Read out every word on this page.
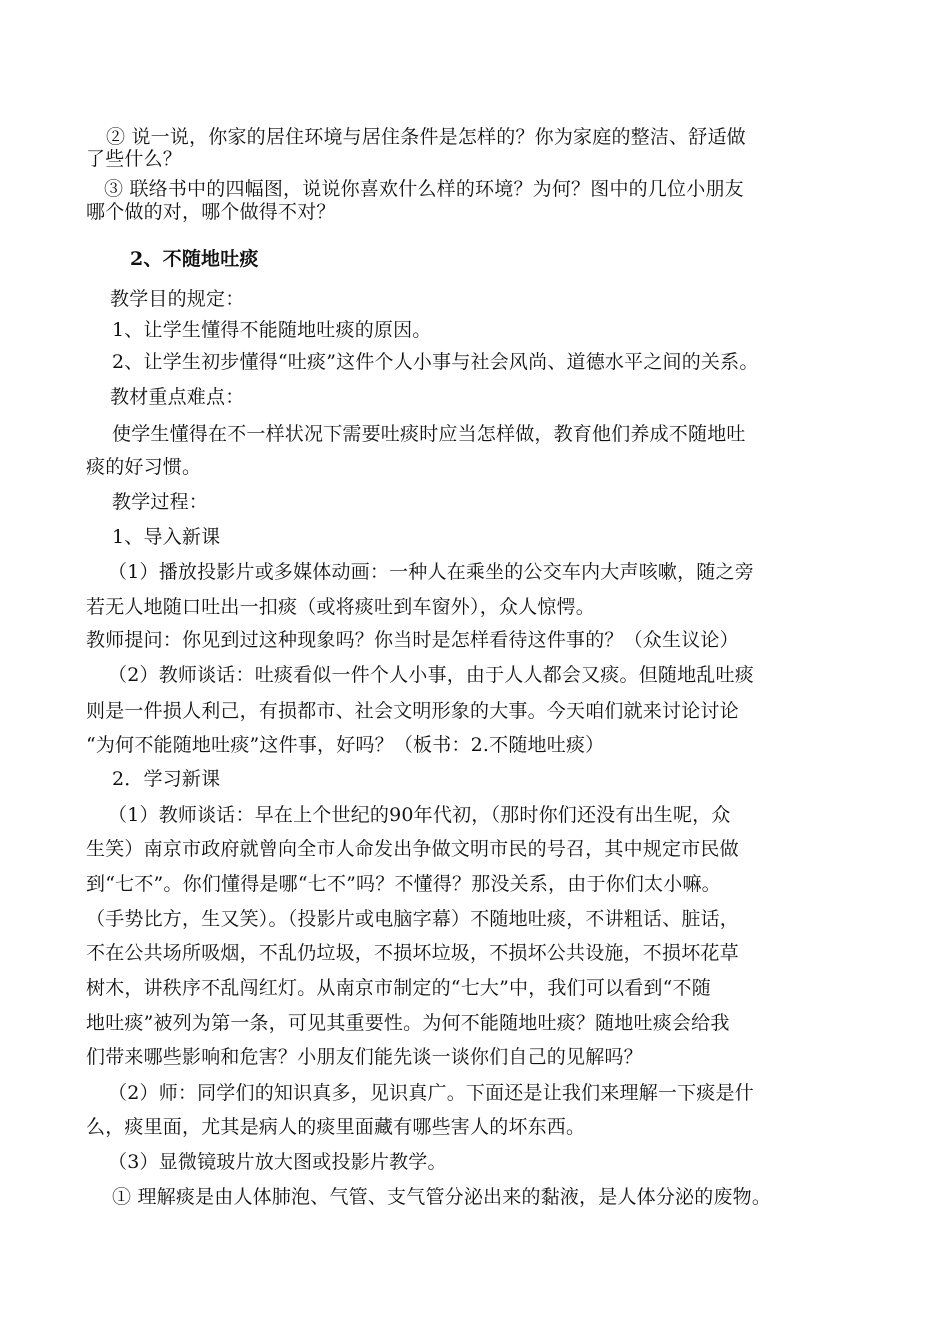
② 说一说，你家的居住环境与居住条件是怎样的？你为家庭的整洁、舒适做
了些什么？
③ 联络书中的四幅图，说说你喜欢什么样的环境？为何？图中的几位小朋友
哪个做的对，哪个做得不对？
2、不随地吐痰
教学目的规定：
1、让学生懂得不能随地吐痰的原因。
2、让学生初步懂得“吐痰”这件个人小事与社会风尚、道德水平之间的关系。
教材重点难点：
使学生懂得在不一样状况下需要吐痰时应当怎样做，教育他们养成不随地吐
痰的好习惯。
教学过程：
1、导入新课
（1）播放投影片或多媒体动画：一种人在乘坐的公交车内大声咳嗽，随之旁
若无人地随口吐出一扣痰（或将痰吐到车窗外），众人惊愕。
教师提问：你见到过这种现象吗？你当时是怎样看待这件事的？（众生议论）
（2）教师谈话：吐痰看似一件个人小事，由于人人都会又痰。但随地乱吐痰
则是一件损人利己，有损都市、社会文明形象的大事。今天咱们就来讨论讨论
“为何不能随地吐痰”这件事，好吗？（板书：2.不随地吐痰）
2．学习新课
（1）教师谈话：早在上个世纪的90年代初，（那时你们还没有出生呢，众
生笑）南京市政府就曾向全市人命发出争做文明市民的号召，其中规定市民做
到“七不”。你们懂得是哪“七不”吗？不懂得？那没关系，由于你们太小嘛。
（手势比方，生又笑）。（投影片或电脑字幕）不随地吐痰，不讲粗话、脏话，
不在公共场所吸烟，不乱仍垃圾，不损坏垃圾，不损坏公共设施，不损坏花草
树木，讲秩序不乱闯红灯。从南京市制定的“七大”中，我们可以看到“不随
地吐痰”被列为第一条，可见其重要性。为何不能随地吐痰？随地吐痰会给我
们带来哪些影响和危害？小朋友们能先谈一谈你们自己的见解吗？
（2）师：同学们的知识真多，见识真广。下面还是让我们来理解一下痰是什
么，痰里面，尤其是病人的痰里面藏有哪些害人的坏东西。
（3）显微镜玻片放大图或投影片教学。
① 理解痰是由人体肺泡、气管、支气管分泌出来的黏液，是人体分泌的废物。
